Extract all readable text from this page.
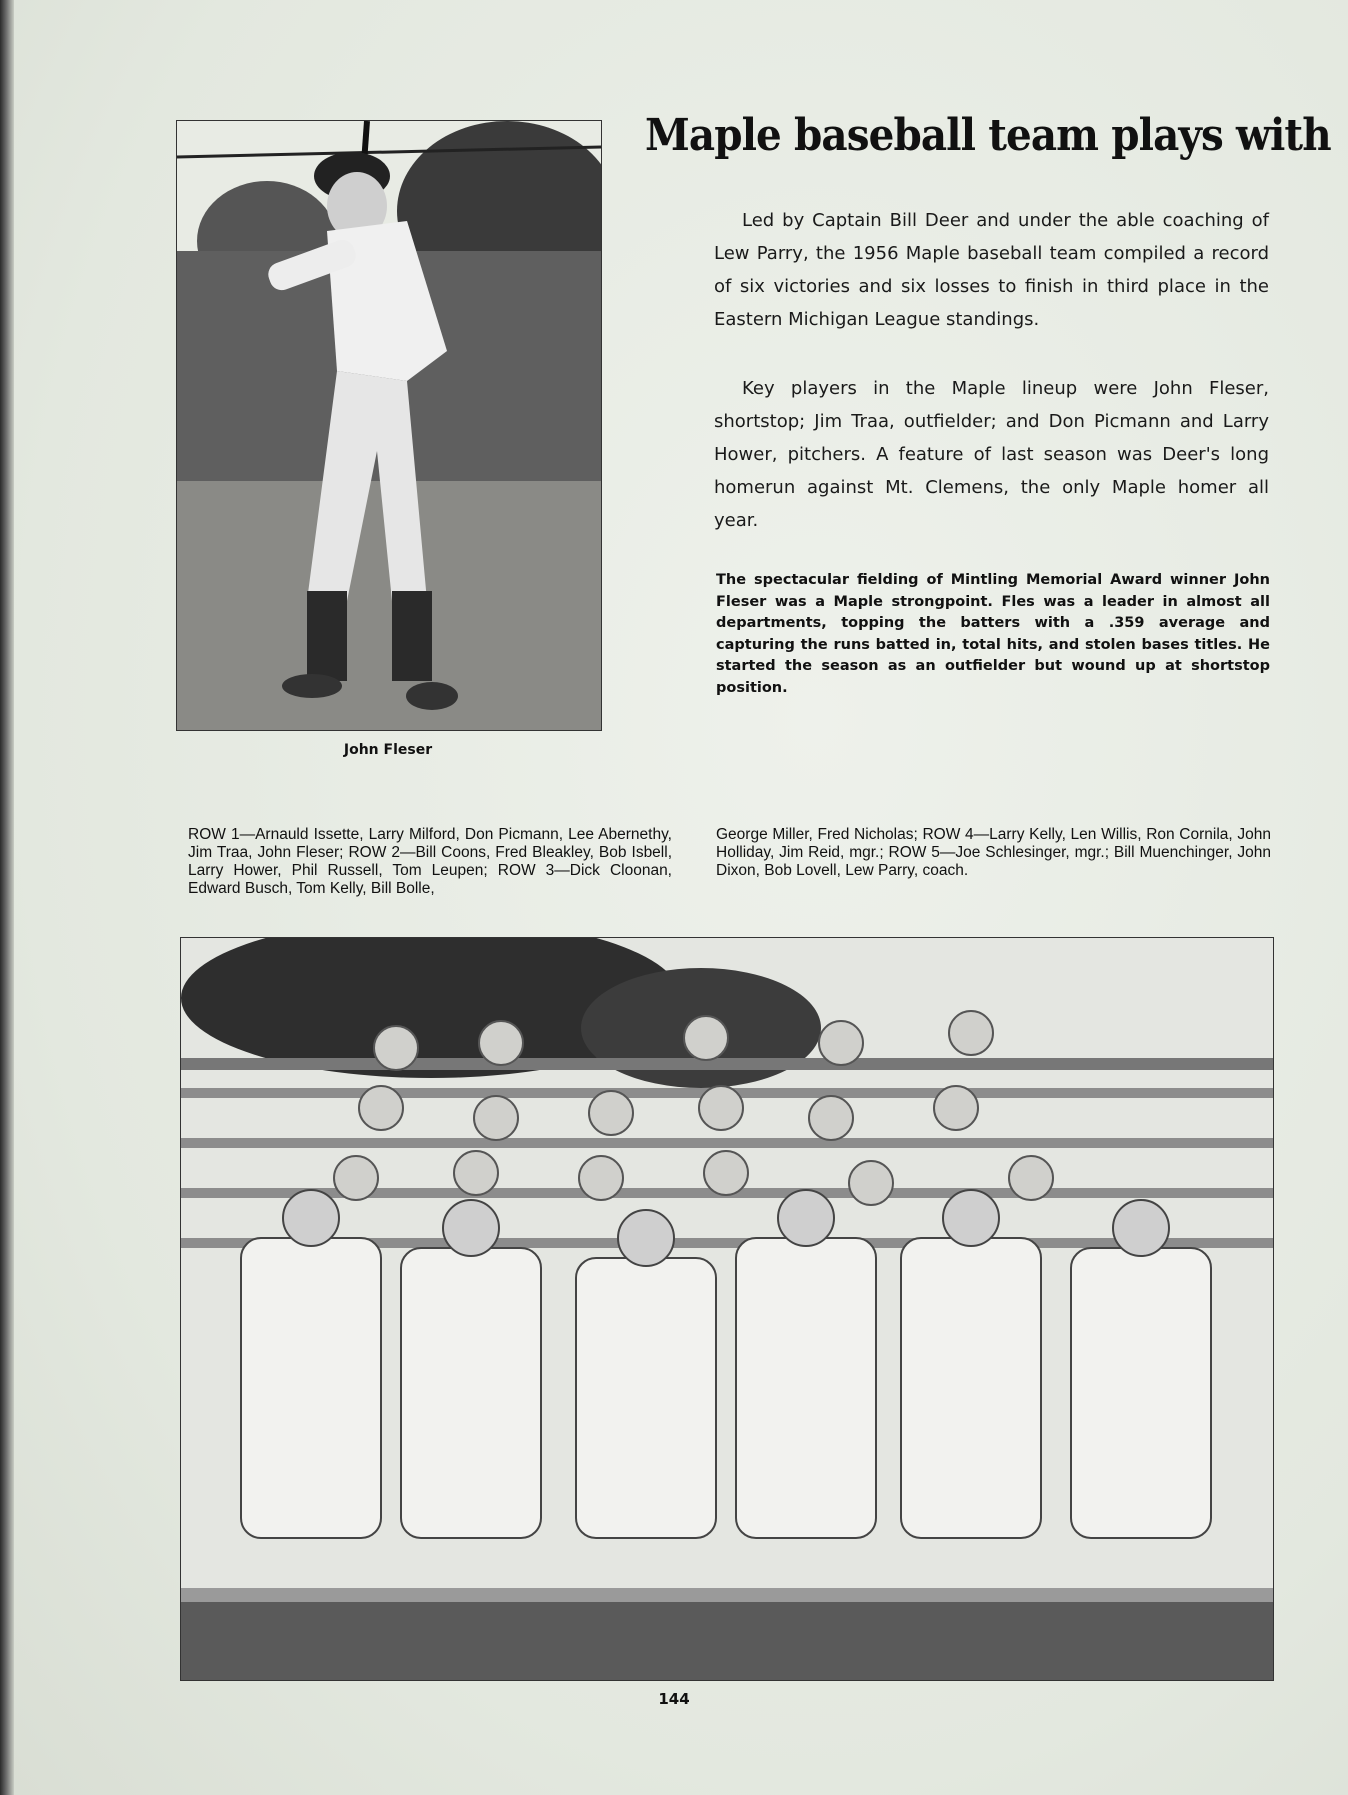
Maple baseball team plays with

Led by Captain Bill Deer and under the able coaching of Lew Parry, the 1956 Maple baseball team compiled a record of six victories and six losses to finish in third place in the Eastern Michigan League standings.

Key players in the Maple lineup were John Fleser, shortstop; Jim Traa, outfielder; and Don Picmann and Larry Hower, pitchers. A feature of last season was Deer's long homerun against Mt. Clemens, the only Maple homer all year.

The spectacular fielding of Mintling Memorial Award winner John Fleser was a Maple strongpoint. Fles was a leader in almost all departments, topping the batters with a .359 average and capturing the runs batted in, total hits, and stolen bases titles. He started the season as an outfielder but wound up at shortstop position.

John Fleser

ROW 1—Arnauld Issette, Larry Milford, Don Picmann, Lee Abernethy, Jim Traa, John Fleser; ROW 2—Bill Coons, Fred Bleakley, Bob Isbell, Larry Hower, Phil Russell, Tom Leupen; ROW 3—Dick Cloonan, Edward Busch, Tom Kelly, Bill Bolle,

George Miller, Fred Nicholas; ROW 4—Larry Kelly, Len Willis, Ron Cornila, John Holliday, Jim Reid, mgr.; ROW 5—Joe Schlesinger, mgr.; Bill Muenchinger, John Dixon, Bob Lovell, Lew Parry, coach.

144
